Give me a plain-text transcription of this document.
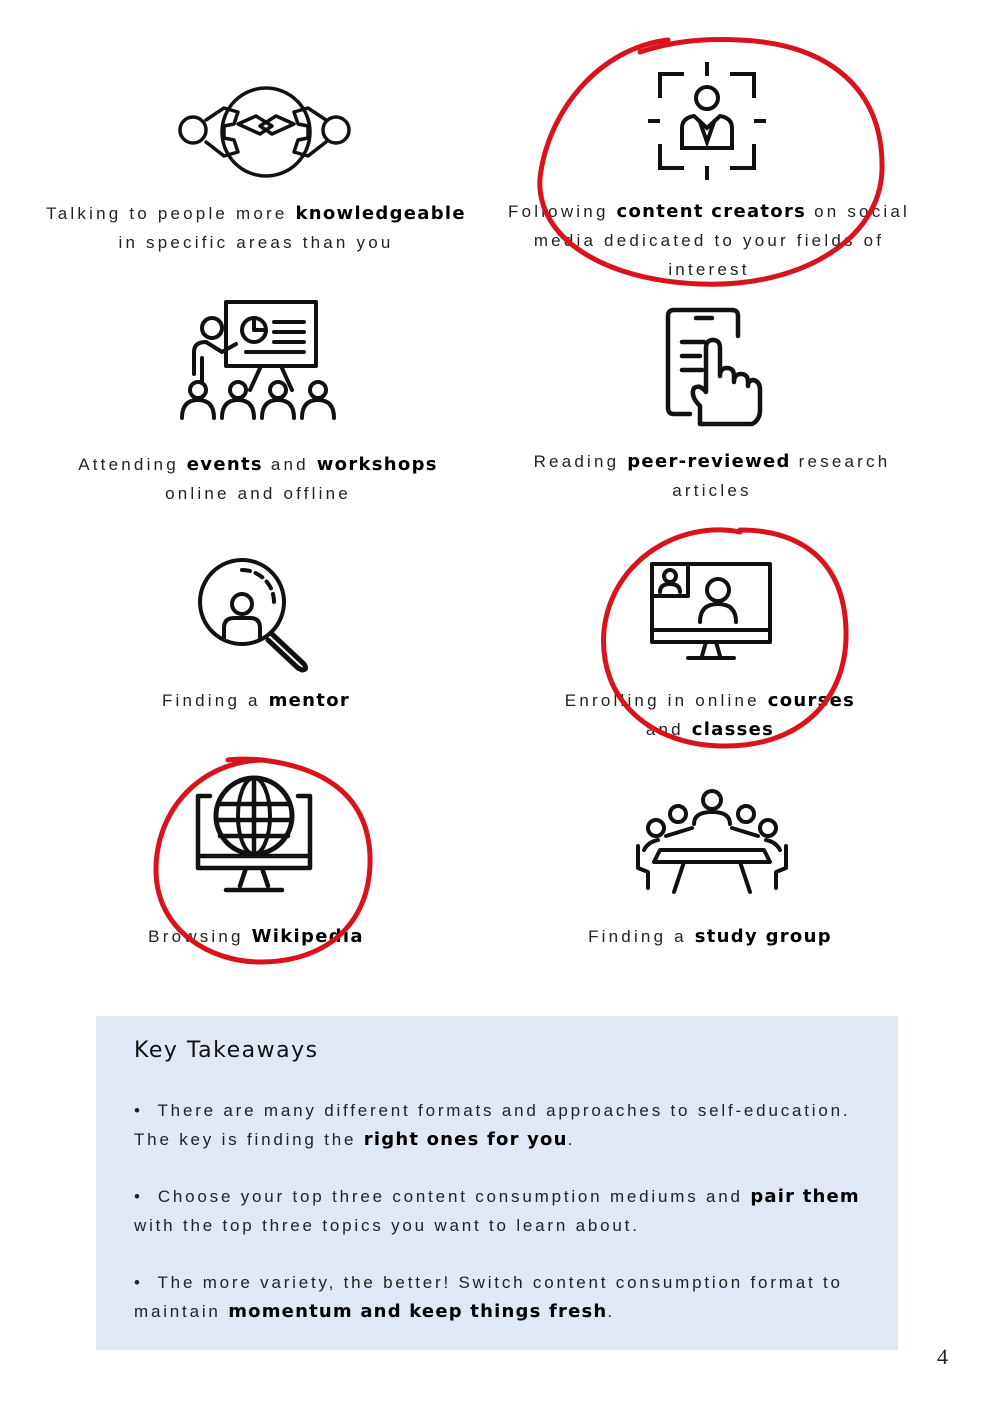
Talking to people more knowledgeable
in specific areas than you
Following content creators on social media dedicated to your fields of interest
Attending events and workshops
online and offline
Reading peer-reviewed research articles
Finding a mentor	Enrolling in online courses
and classes
Browsing Wikipedia	Finding a study group
Key Takeaways
•  There are many different formats and approaches to self-education. The key is finding the right ones for you.
•  Choose your top three content consumption mediums and pair them with the top three topics you want to learn about.
•  The more variety, the better! Switch content consumption format to maintain momentum and keep things fresh.
4
